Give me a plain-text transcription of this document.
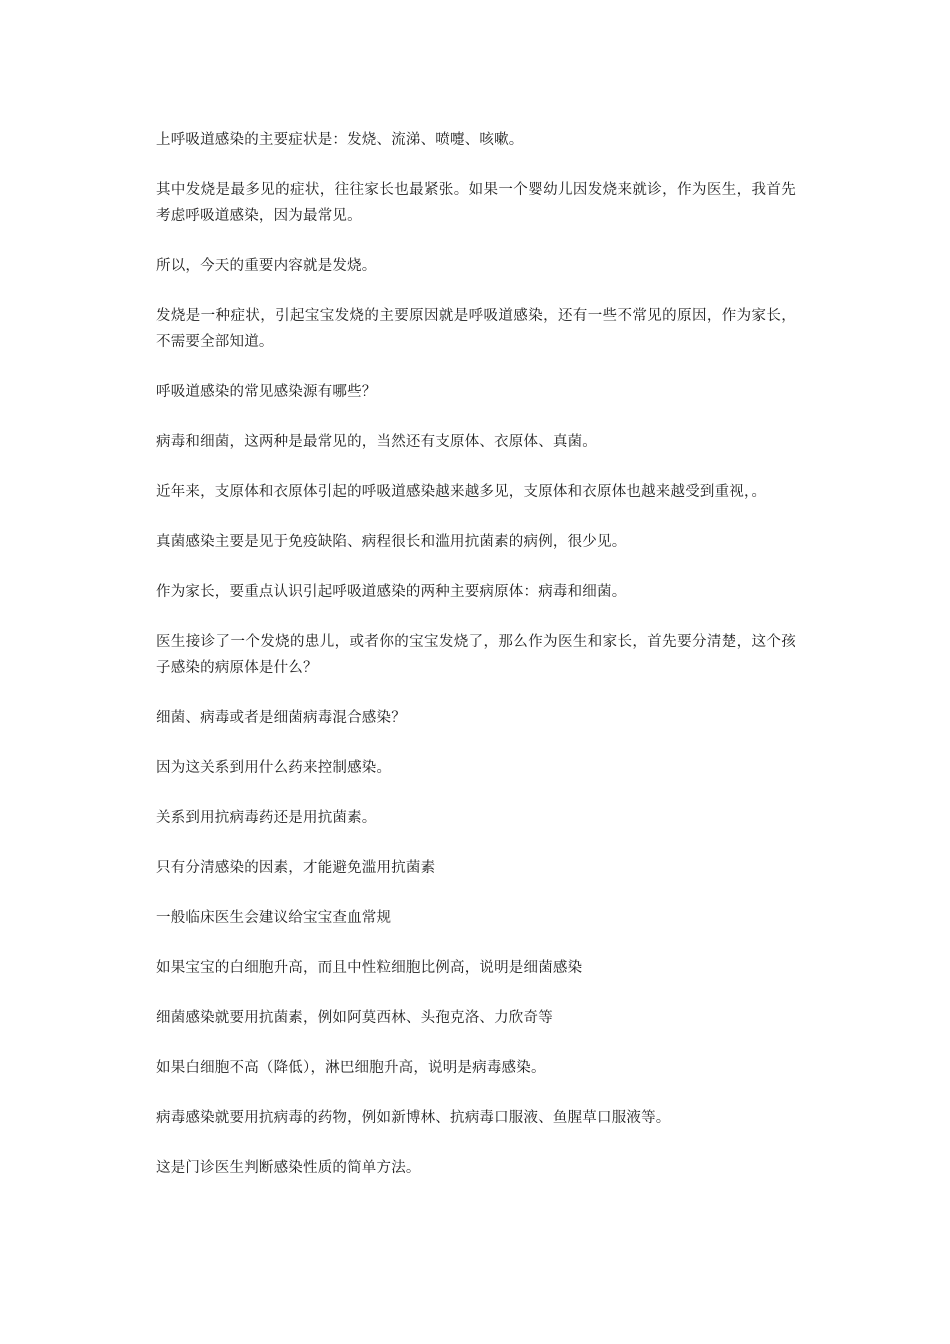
上呼吸道感染的主要症状是：发烧、流涕、喷嚏、咳嗽。

其中发烧是最多见的症状，往往家长也最紧张。如果一个婴幼儿因发烧来就诊，作为医生，我首先考虑呼吸道感染，因为最常见。

所以，今天的重要内容就是发烧。

发烧是一种症状，引起宝宝发烧的主要原因就是呼吸道感染，还有一些不常见的原因，作为家长，不需要全部知道。

呼吸道感染的常见感染源有哪些？

病毒和细菌，这两种是最常见的，当然还有支原体、衣原体、真菌。

近年来，支原体和衣原体引起的呼吸道感染越来越多见，支原体和衣原体也越来越受到重视，。

真菌感染主要是见于免疫缺陷、病程很长和滥用抗菌素的病例，很少见。

作为家长，要重点认识引起呼吸道感染的两种主要病原体：病毒和细菌。

医生接诊了一个发烧的患儿，或者你的宝宝发烧了，那么作为医生和家长，首先要分清楚，这个孩子感染的病原体是什么？

细菌、病毒或者是细菌病毒混合感染？

因为这关系到用什么药来控制感染。

关系到用抗病毒药还是用抗菌素。

只有分清感染的因素，才能避免滥用抗菌素

一般临床医生会建议给宝宝查血常规

如果宝宝的白细胞升高，而且中性粒细胞比例高，说明是细菌感染

细菌感染就要用抗菌素，例如阿莫西林、头孢克洛、力欣奇等

如果白细胞不高（降低），淋巴细胞升高，说明是病毒感染。

病毒感染就要用抗病毒的药物，例如新博林、抗病毒口服液、鱼腥草口服液等。

这是门诊医生判断感染性质的简单方法。
